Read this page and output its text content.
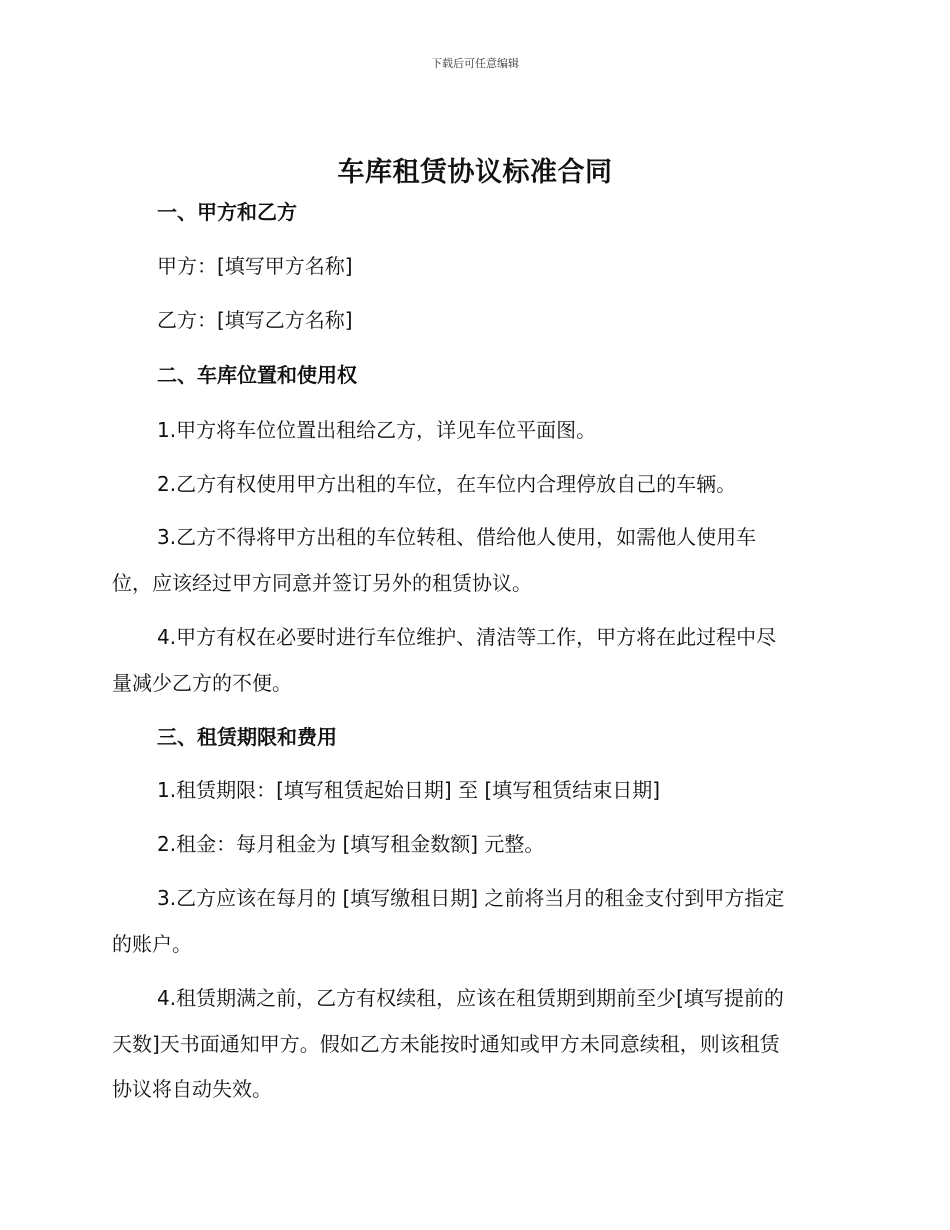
下载后可任意编辑
车库租赁协议标准合同
一、甲方和乙方
甲方：[填写甲方名称]
乙方：[填写乙方名称]
二、车库位置和使用权
1.甲方将车位位置出租给乙方，详见车位平面图。
2.乙方有权使用甲方出租的车位，在车位内合理停放自己的车辆。
3.乙方不得将甲方出租的车位转租、借给他人使用，如需他人使用车
位，应该经过甲方同意并签订另外的租赁协议。
4.甲方有权在必要时进行车位维护、清洁等工作，甲方将在此过程中尽
量减少乙方的不便。
三、租赁期限和费用
1.租赁期限：[填写租赁起始日期] 至 [填写租赁结束日期]
2.租金：每月租金为 [填写租金数额] 元整。
3.乙方应该在每月的 [填写缴租日期] 之前将当月的租金支付到甲方指定
的账户。
4.租赁期满之前，乙方有权续租，应该在租赁期到期前至少[填写提前的
天数]天书面通知甲方。假如乙方未能按时通知或甲方未同意续租，则该租赁
协议将自动失效。
